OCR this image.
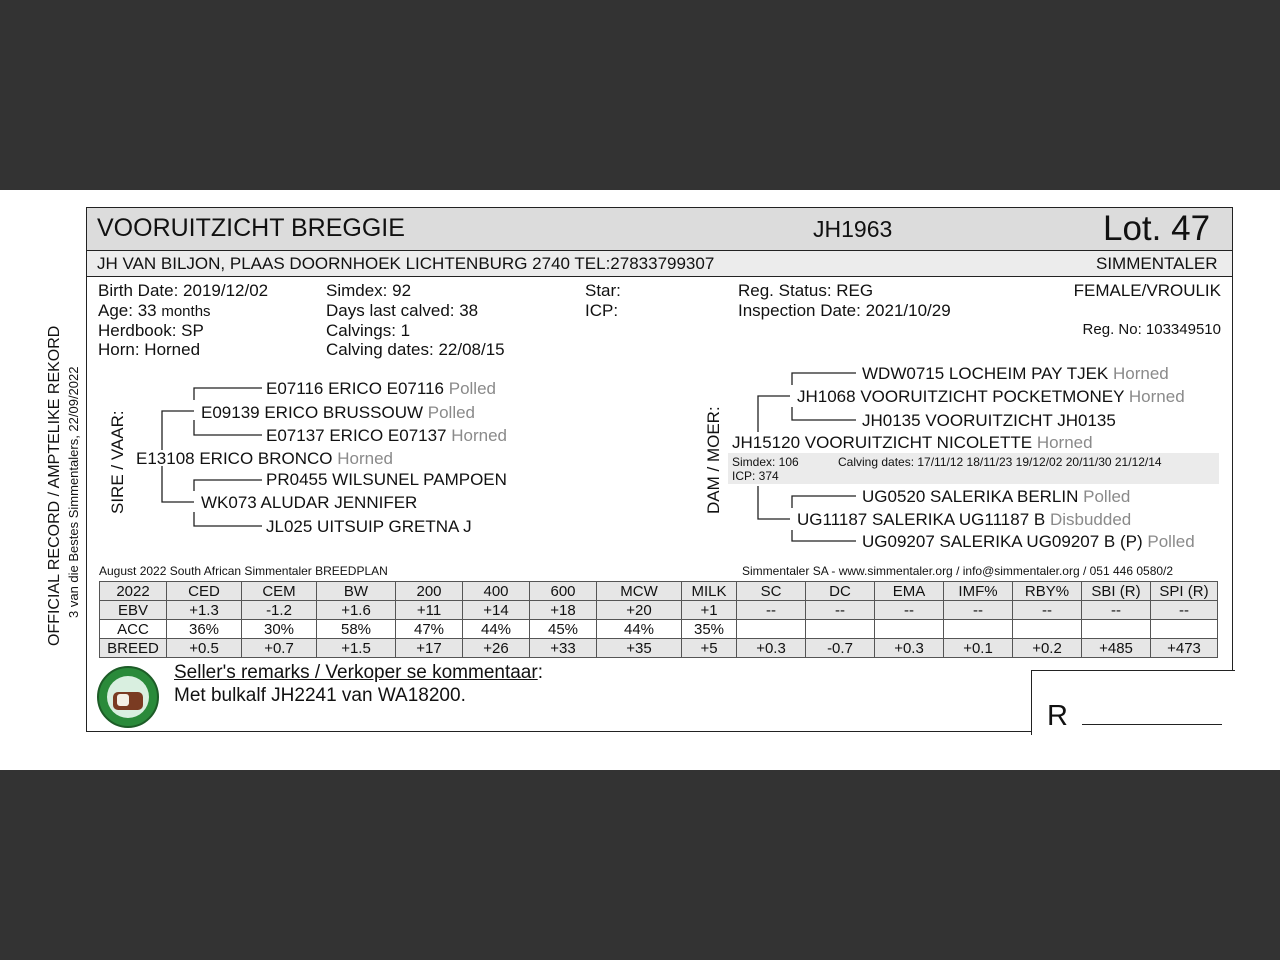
VOORUITZICHT BREGGIE	JH1963	Lot. 47
JH VAN BILJON, PLAAS DOORNHOEK LICHTENBURG 2740 TEL:27833799307	SIMMENTALER
OFFICIAL RECORD / AMPTELIKE REKORD 3 van die Bestes Simmentalers, 22/09/2022
Birth Date: 2019/12/02
Age: 33 months
Herdbook: SP
Horn: Horned
Simdex: 92
Days last calved: 38
Calvings: 1
Calving dates: 22/08/15
Star:
ICP:
Reg. Status: REG
Inspection Date: 2021/10/29
FEMALE/VROULIK
Reg. No: 103349510
SIRE / VAAR: E13108 ERICO BRONCO Horned
E09139 ERICO BRUSSOUW Polled
E07116 ERICO E07116 Polled
E07137 ERICO E07137 Horned
WK073 ALUDAR JENNIFER
PR0455 WILSUNEL PAMPOEN
JL025 UITSUIP GRETNA J
DAM / MOER: JH15120 VOORUITZICHT NICOLETTE Horned
JH1068 VOORUITZICHT POCKETMONEY Horned
WDW0715 LOCHEIM PAY TJEK Horned
JH0135 VOORUITZICHT JH0135
Simdex: 106	Calving dates: 17/11/12 18/11/23 19/12/02 20/11/30 21/12/14
ICP: 374
UG11187 SALERIKA UG11187 B Disbudded
UG0520 SALERIKA BERLIN Polled
UG09207 SALERIKA UG09207 B (P) Polled
August 2022 South African Simmentaler BREEDPLAN	Simmentaler SA - www.simmentaler.org / info@simmentaler.org / 051 446 0580/2
2022	CED	CEM	BW	200	400	600	MCW	MILK	SC	DC	EMA	IMF%	RBY%	SBI (R)	SPI (R)
EBV	+1.3	-1.2	+1.6	+11	+14	+18	+20	+1	--	--	--	--	--	--	--
ACC	36%	30%	58%	47%	44%	45%	44%	35%							
BREED	+0.5	+0.7	+1.5	+17	+26	+33	+35	+5	+0.3	-0.7	+0.3	+0.1	+0.2	+485	+473
Seller's remarks / Verkoper se kommentaar:
Met bulkalf JH2241 van WA18200.
R
